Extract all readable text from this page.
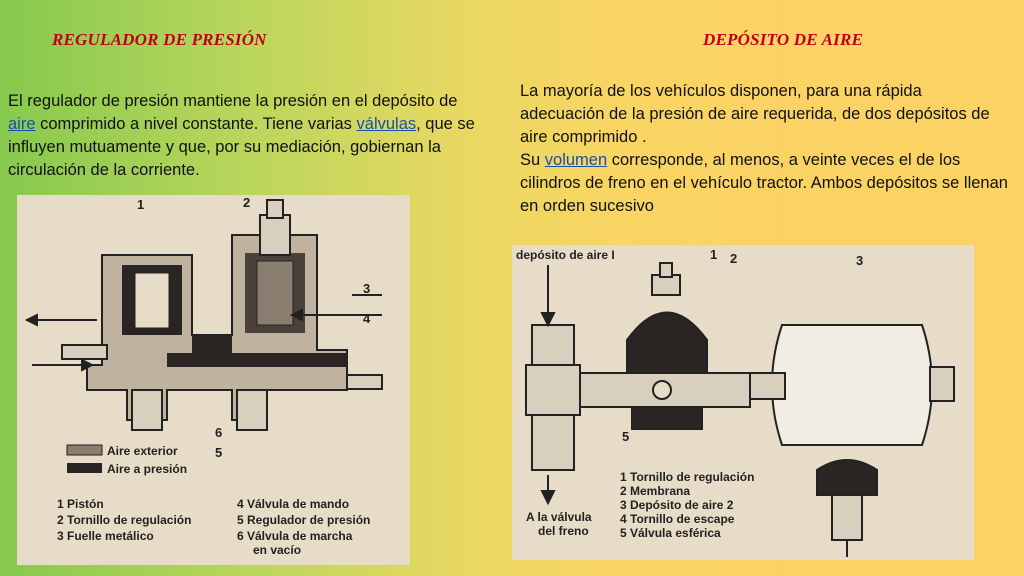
REGULADOR DE PRESIÓN
El regulador de presión mantiene la presión en el depósito de aire comprimido a nivel constante. Tiene varias válvulas, que se influyen mutuamente y que, por su mediación, gobiernan la circulación de la corriente.
1	2
3
4
5
6
Aire exterior
Aire a presión
1 Pistón
2 Tornillo de regulación
3 Fuelle metálico
4 Válvula de mando
5 Regulador de presión
6 Válvula de marcha
en vacío
DEPÓSITO DE AIRE
La mayoría de los vehículos disponen, para una rápida adecuación de la presión de aire requerida, de dos depósitos de aire comprimido .
Su volumen corresponde, al menos, a veinte veces el de los cilindros de freno en el vehículo tractor. Ambos depósitos se llenan en orden sucesivo
depósito de aire I	1 2	3
5
1 Tornillo de regulación
2 Membrana
3 Depósito de aire 2
4 Tornillo de escape
5 Válvula esférica
A la válvula
del freno
